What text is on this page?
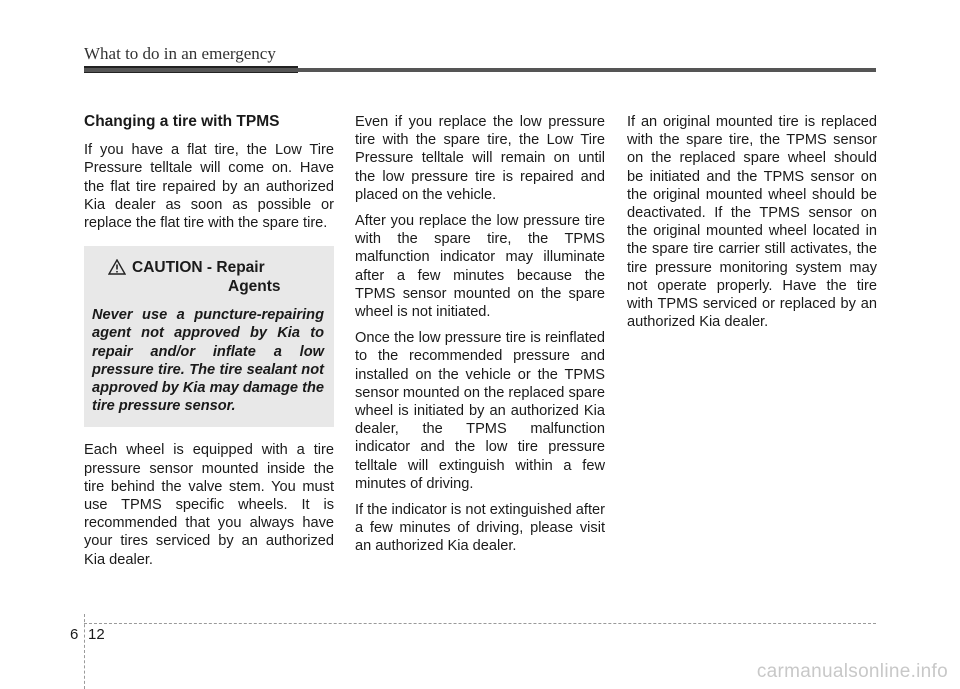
What to do in an emergency
Changing a tire with TPMS

If you have a flat tire, the Low Tire Pressure telltale will come on. Have the flat tire repaired by an authorized Kia dealer as soon as possible or replace the flat tire with the spare tire.

CAUTION - Repair
Agents
Never use a puncture-repairing agent not approved by Kia to repair and/or inflate a low pressure tire. The tire sealant not approved by Kia may damage the tire pressure sensor.

Each wheel is equipped with a tire pressure sensor mounted inside the tire behind the valve stem. You must use TPMS specific wheels. It is recommended that you always have your tires serviced by an authorized Kia dealer.

Even if you replace the low pressure tire with the spare tire, the Low Tire Pressure telltale will remain on until the low pressure tire is repaired and placed on the vehicle.

After you replace the low pressure tire with the spare tire, the TPMS malfunction indicator may illuminate after a few minutes because the TPMS sensor mounted on the spare wheel is not initiated.

Once the low pressure tire is reinflated to the recommended pressure and installed on the vehicle or the TPMS sensor mounted on the replaced spare wheel is initiated by an authorized Kia dealer, the TPMS malfunction indicator and the low tire pressure telltale will extinguish within a few minutes of driving.

If the indicator is not extinguished after a few minutes of driving, please visit an authorized Kia dealer.

If an original mounted tire is replaced with the spare tire, the TPMS sensor on the replaced spare wheel should be initiated and the TPMS sensor on the original mounted wheel should be deactivated. If the TPMS sensor on the original mounted wheel located in the spare tire carrier still activates, the tire pressure monitoring system may not operate properly. Have the tire with TPMS serviced or replaced by an authorized Kia dealer.

6 12
carmanualsonline.info
